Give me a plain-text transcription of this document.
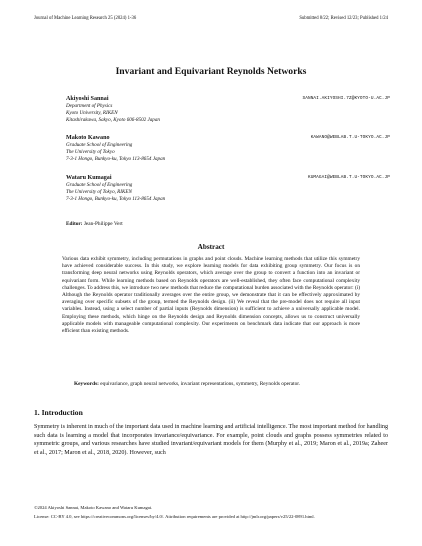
Journal of Machine Learning Research 25 (2024) 1-36	Submitted 8/22; Revised 12/23; Published 1/24
Invariant and Equivariant Reynolds Networks
Akiyoshi Sannai	SANNAI.AKIYOSHI.7Z@KYOTO-U.AC.JP
Department of Physics
Kyoto University, RIKEN
Kitashirakawa, Sakyo, Kyoto 606-8502 Japan
Makoto Kawano	KAWANO@WEBLAB.T.U-TOKYO.AC.JP
Graduate School of Engineering
The University of Tokyo
7-3-1 Hongo, Bunkyo-ku, Tokyo 113-8654 Japan
Wataru Kumagai	KUMAGAI@WEBLAB.T.U-TOKYO.AC.JP
Graduate School of Engineering
The University of Tokyo, RIKEN
7-3-1 Hongo, Bunkyo-ku, Tokyo 113-8654 Japan
Editor: Jean-Philippe Vert
Abstract
Various data exhibit symmetry, including permutations in graphs and point clouds. Machine learning methods that utilize this symmetry have achieved considerable success. In this study, we explore learning models for data exhibiting group symmetry. Our focus is on transforming deep neural networks using Reynolds operators, which average over the group to convert a function into an invariant or equivariant form. While learning methods based on Reynolds operators are well-established, they often face computational complexity challenges. To address this, we introduce two new methods that reduce the computational burden associated with the Reynolds operator: (i) Although the Reynolds operator traditionally averages over the entire group, we demonstrate that it can be effectively approximated by averaging over specific subsets of the group, termed the Reynolds design. (ii) We reveal that the pre-model does not require all input variables. Instead, using a select number of partial inputs (Reynolds dimension) is sufficient to achieve a universally applicable model. Employing these methods, which hinge on the Reynolds design and Reynolds dimension concepts, allows us to construct universally applicable models with manageable computational complexity. Our experiments on benchmark data indicate that our approach is more efficient than existing methods.
Keywords: equivariance, graph neural networks, invariant representations, symmetry, Reynolds operator.
1. Introduction
Symmetry is inherent in much of the important data used in machine learning and artificial intelligence. The most important method for handling such data is learning a model that incorporates invariance/equivariance. For example, point clouds and graphs possess symmetries related to symmetric groups, and various researches have studied invariant/equivariant models for them (Murphy et al., 2019; Maron et al., 2019a; Zaheer et al., 2017; Maron et al., 2018, 2020). However, such
©2024 Akiyoshi Sannai, Makoto Kawano and Wataru Kumagai.
License: CC-BY 4.0, see https://creativecommons.org/licenses/by/4.0/. Attribution requirements are provided at http://jmlr.org/papers/v25/22-0891.html.
